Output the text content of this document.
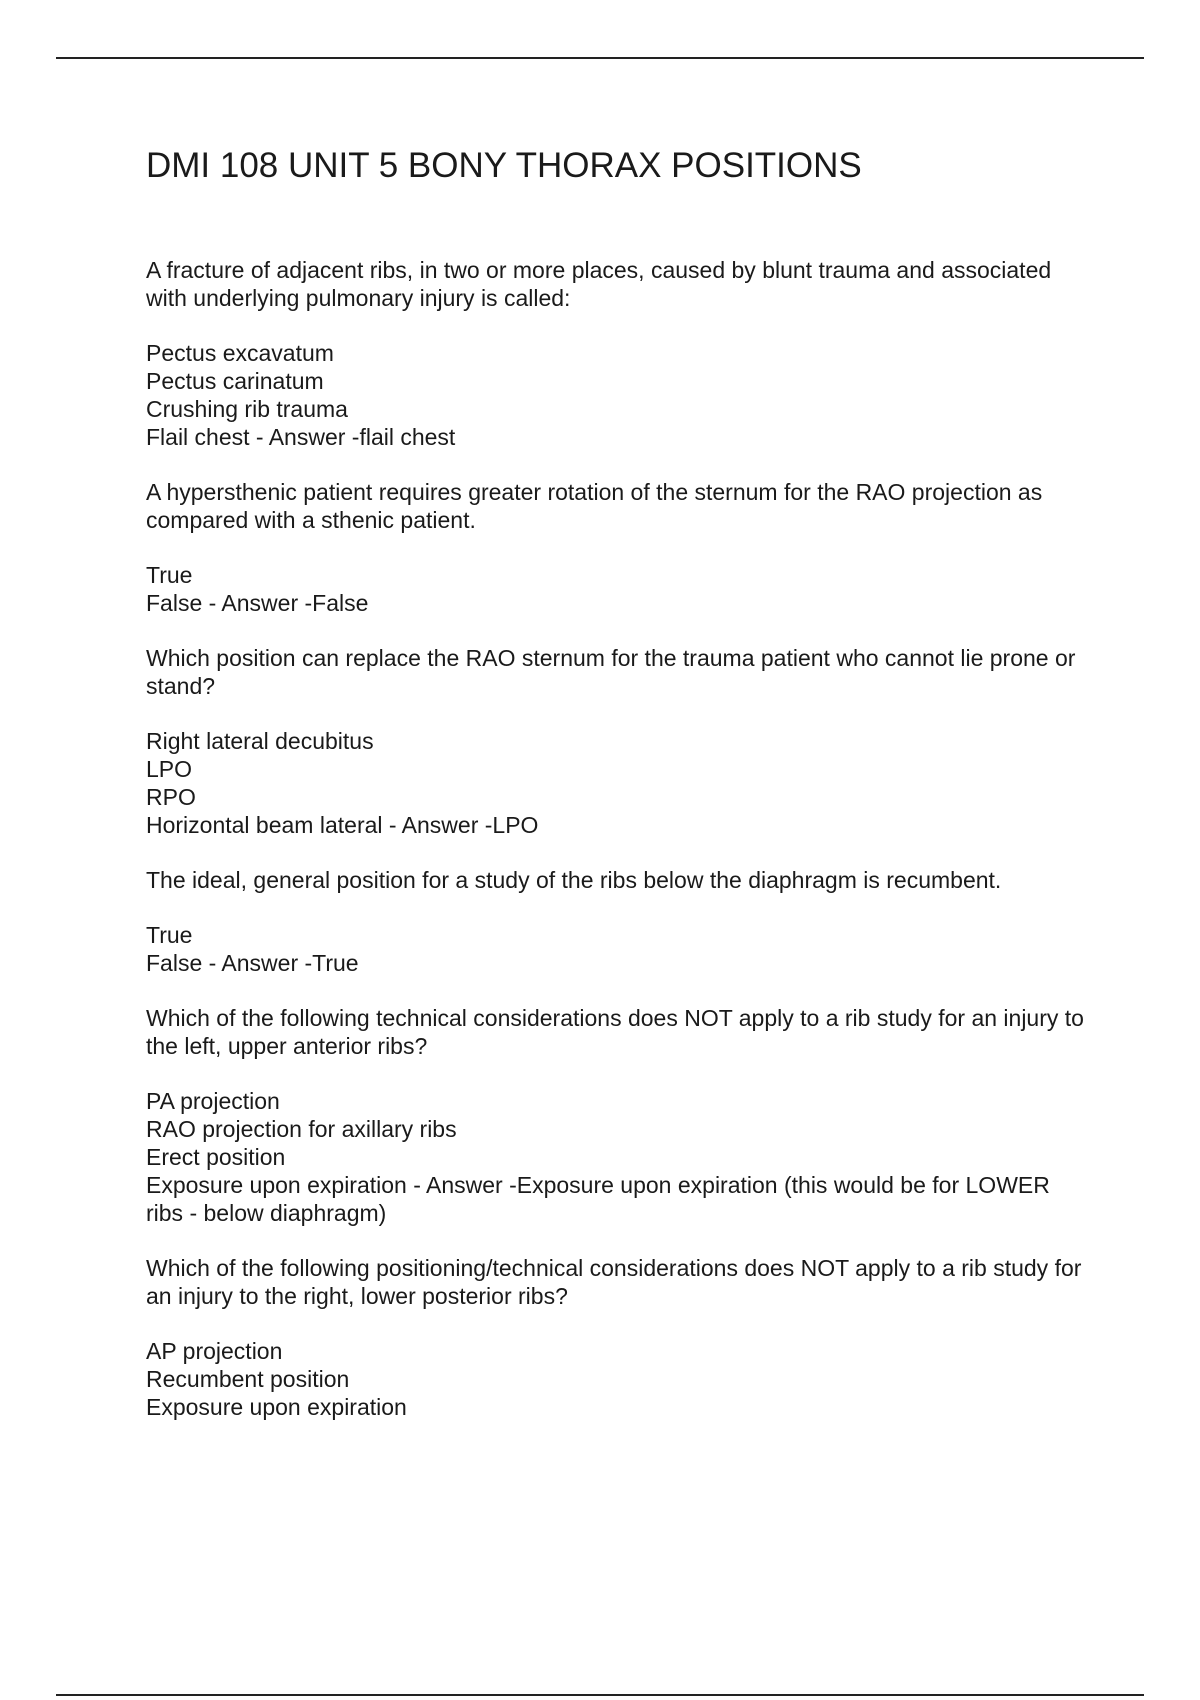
DMI 108 UNIT 5 BONY THORAX POSITIONS

A fracture of adjacent ribs, in two or more places, caused by blunt trauma and associated with underlying pulmonary injury is called:

Pectus excavatum
Pectus carinatum
Crushing rib trauma
Flail chest - Answer -flail chest

A hypersthenic patient requires greater rotation of the sternum for the RAO projection as compared with a sthenic patient.

True
False - Answer -False

Which position can replace the RAO sternum for the trauma patient who cannot lie prone or stand?

Right lateral decubitus
LPO
RPO
Horizontal beam lateral - Answer -LPO

The ideal, general position for a study of the ribs below the diaphragm is recumbent.

True
False - Answer -True

Which of the following technical considerations does NOT apply to a rib study for an injury to the left, upper anterior ribs?

PA projection
RAO projection for axillary ribs
Erect position
Exposure upon expiration - Answer -Exposure upon expiration (this would be for LOWER ribs - below diaphragm)

Which of the following positioning/technical considerations does NOT apply to a rib study for an injury to the right, lower posterior ribs?

AP projection
Recumbent position
Exposure upon expiration
